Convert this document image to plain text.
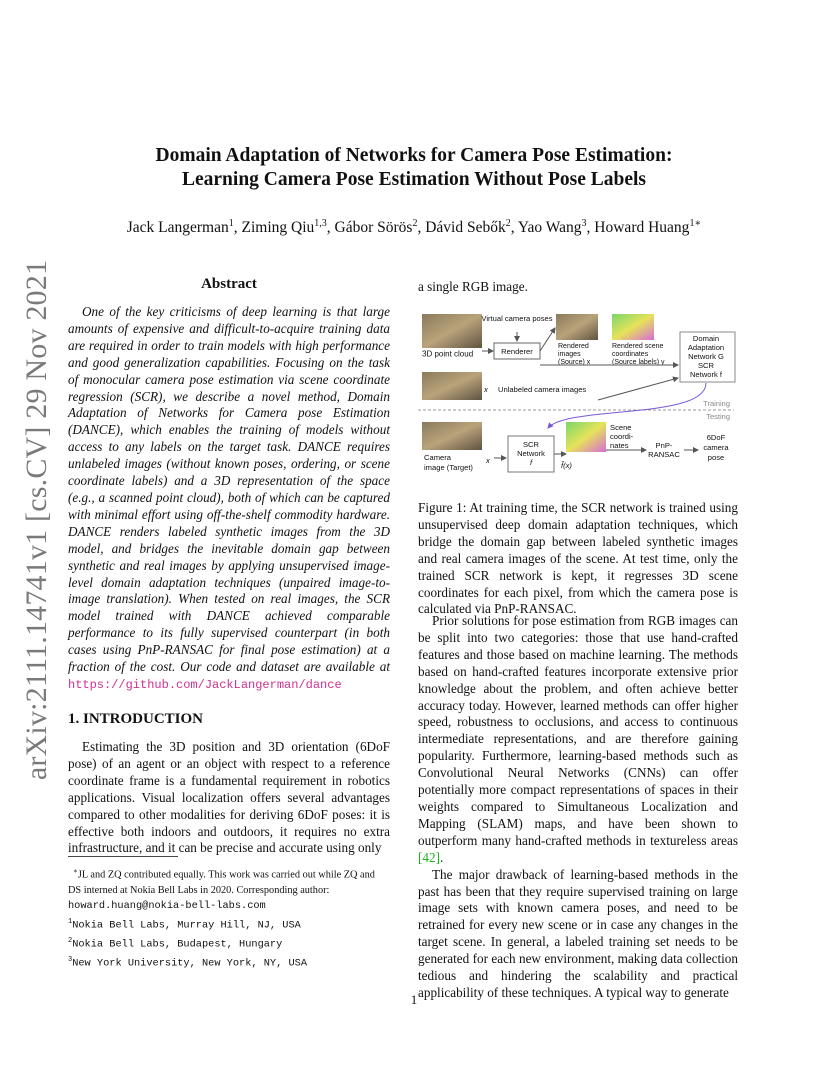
arXiv:2111.14741v1 [cs.CV] 29 Nov 2021
Domain Adaptation of Networks for Camera Pose Estimation:
Learning Camera Pose Estimation Without Pose Labels
Jack Langerman$^1$, Ziming Qiu$^{1,3}$, Gábor Sörös$^2$, Dávid Sebők$^2$, Yao Wang$^3$, Howard Huang$^{1∗}$
Abstract

One of the key criticisms of deep learning is that large amounts of expensive and difficult-to-acquire training data are required in order to train models with high performance and good generalization capabilities. Focusing on the task of monocular camera pose estimation via scene coordinate regression (SCR), we describe a novel method, Domain Adaptation of Networks for Camera pose Estimation (DANCE), which enables the training of models without access to any labels on the target task. DANCE requires unlabeled images (without known poses, ordering, or scene coordinate labels) and a 3D representation of the space (e.g., a scanned point cloud), both of which can be captured with minimal effort using off-the-shelf commodity hardware. DANCE renders labeled synthetic images from the 3D model, and bridges the inevitable domain gap between synthetic and real images by applying unsupervised image-level domain adaptation techniques (unpaired image-to-image translation). When tested on real images, the SCR model trained with DANCE achieved comparable performance to its fully supervised counterpart (in both cases using PnP-RANSAC for final pose estimation) at a fraction of the cost. Our code and dataset are available at https://github.com/JackLangerman/dance

1. INTRODUCTION

Estimating the 3D position and 3D orientation (6DoF pose) of an agent or an object with respect to a reference coordinate frame is a fundamental requirement in robotics applications. Visual localization offers several advantages compared to other modalities for deriving 6DoF poses: it is effective both indoors and outdoors, it requires no extra infrastructure, and it can be precise and accurate using only

∗JL and ZQ contributed equally. This work was carried out while ZQ and DS interned at Nokia Bell Labs in 2020. Corresponding author: howard.huang@nokia-bell-labs.com
$^1$Nokia Bell Labs, Murray Hill, NJ, USA
$^2$Nokia Bell Labs, Budapest, Hungary
$^3$New York University, New York, NY, USA
a single RGB image.
3D point cloud
Virtual camera poses
Renderer
Rendered
images
(Source) x
Rendered scene
coordinates
(Source labels) y
Domain
Adaptation
Network G
SCR
Network f
x Unlabeled camera images
Training
Testing
Camera
image (Target)
x
SCR
Network
f	f̂(x)
Scene
coordi-
nates	PnP-
RANSAC
6DoF
camera
pose

Figure 1: At training time, the SCR network is trained using unsupervised deep domain adaptation techniques, which bridge the domain gap between labeled synthetic images and real camera images of the scene. At test time, only the trained SCR network is kept, it regresses 3D scene coordinates for each pixel, from which the camera pose is calculated via PnP-RANSAC.

Prior solutions for pose estimation from RGB images can be split into two categories: those that use hand-crafted features and those based on machine learning. The methods based on hand-crafted features incorporate extensive prior knowledge about the problem, and often achieve better accuracy today. However, learned methods can offer higher speed, robustness to occlusions, and access to continuous intermediate representations, and are therefore gaining popularity. Furthermore, learning-based methods such as Convolutional Neural Networks (CNNs) can offer potentially more compact representations of spaces in their weights compared to Simultaneous Localization and Mapping (SLAM) maps, and have been shown to outperform many hand-crafted methods in textureless areas [42].

The major drawback of learning-based methods in the past has been that they require supervised training on large image sets with known camera poses, and need to be retrained for every new scene or in case any changes in the target scene. In general, a labeled training set needs to be generated for each new environment, making data collection tedious and hindering the scalability and practical applicability of these techniques. A typical way to generate

1
